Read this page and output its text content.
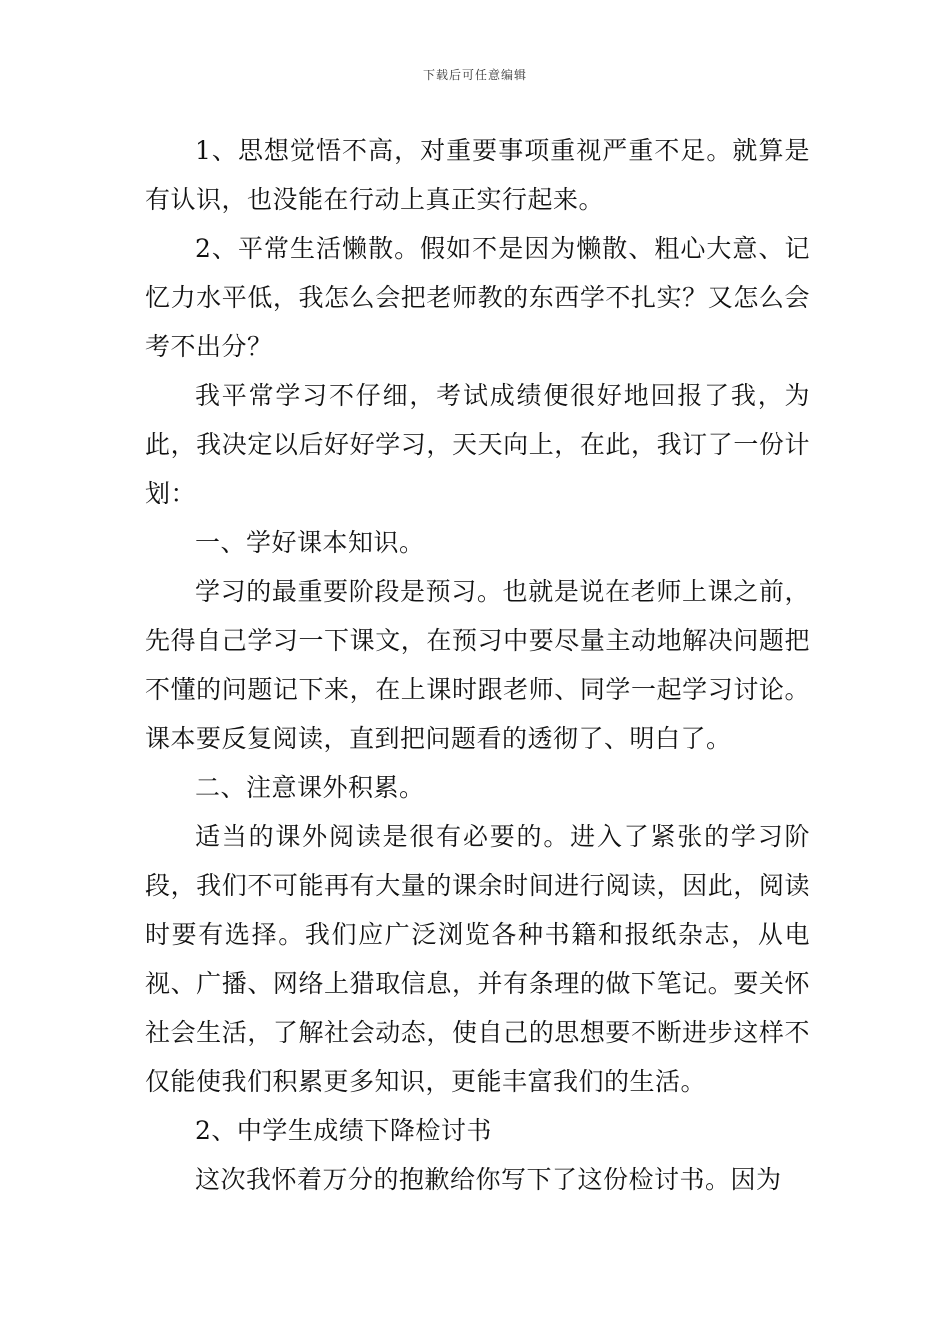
下载后可任意编辑

1、思想觉悟不高，对重要事项重视严重不足。就算是有认识，也没能在行动上真正实行起来。

2、平常生活懒散。假如不是因为懒散、粗心大意、记忆力水平低，我怎么会把老师教的东西学不扎实？又怎么会考不出分？

我平常学习不仔细，考试成绩便很好地回报了我，为此，我决定以后好好学习，天天向上，在此，我订了一份计划：

一、学好课本知识。

学习的最重要阶段是预习。也就是说在老师上课之前，先得自己学习一下课文，在预习中要尽量主动地解决问题把不懂的问题记下来，在上课时跟老师、同学一起学习讨论。课本要反复阅读，直到把问题看的透彻了、明白了。

二、注意课外积累。

适当的课外阅读是很有必要的。进入了紧张的学习阶段，我们不可能再有大量的课余时间进行阅读，因此，阅读时要有选择。我们应广泛浏览各种书籍和报纸杂志，从电视、广播、网络上猎取信息，并有条理的做下笔记。要关怀社会生活，了解社会动态，使自己的思想要不断进步这样不仅能使我们积累更多知识，更能丰富我们的生活。

2、中学生成绩下降检讨书

这次我怀着万分的抱歉给你写下了这份检讨书。因为
